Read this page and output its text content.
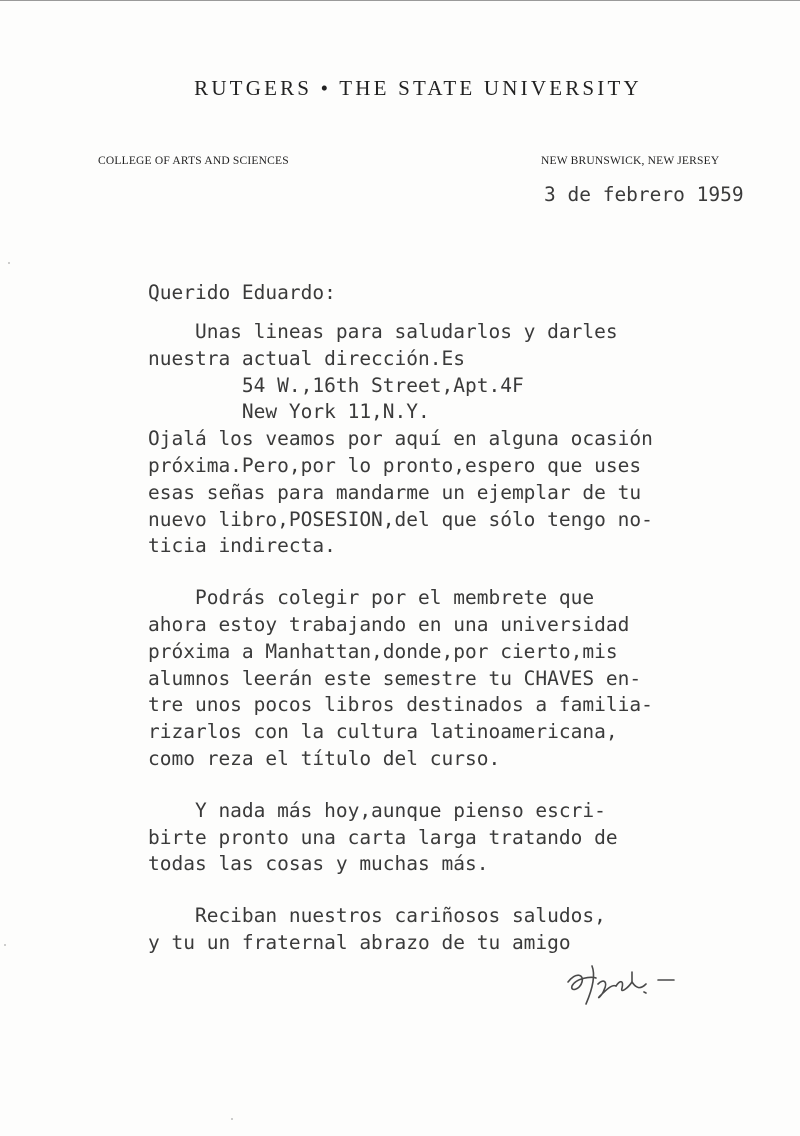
RUTGERS • THE STATE UNIVERSITY
COLLEGE OF ARTS AND SCIENCES	NEW BRUNSWICK, NEW JERSEY
3 de febrero 1959
Querido Eduardo:
Unas lineas para saludarlos y darles
nuestra actual dirección.Es
54 W.,16th Street,Apt.4F
New York 11,N.Y.
Ojalá los veamos por aquí en alguna ocasión
próxima.Pero,por lo pronto,espero que uses
esas señas para mandarme un ejemplar de tu
nuevo libro,POSESION,del que sólo tengo no-
ticia indirecta.
Podrás colegir por el membrete que
ahora estoy trabajando en una universidad
próxima a Manhattan,donde,por cierto,mis
alumnos leerán este semestre tu CHAVES en-
tre unos pocos libros destinados a familia-
rizarlos con la cultura latinoamericana,
como reza el título del curso.
Y nada más hoy,aunque pienso escri-
birte pronto una carta larga tratando de
todas las cosas y muchas más.
Reciban nuestros cariñosos saludos,
y tu un fraternal abrazo de tu amigo
